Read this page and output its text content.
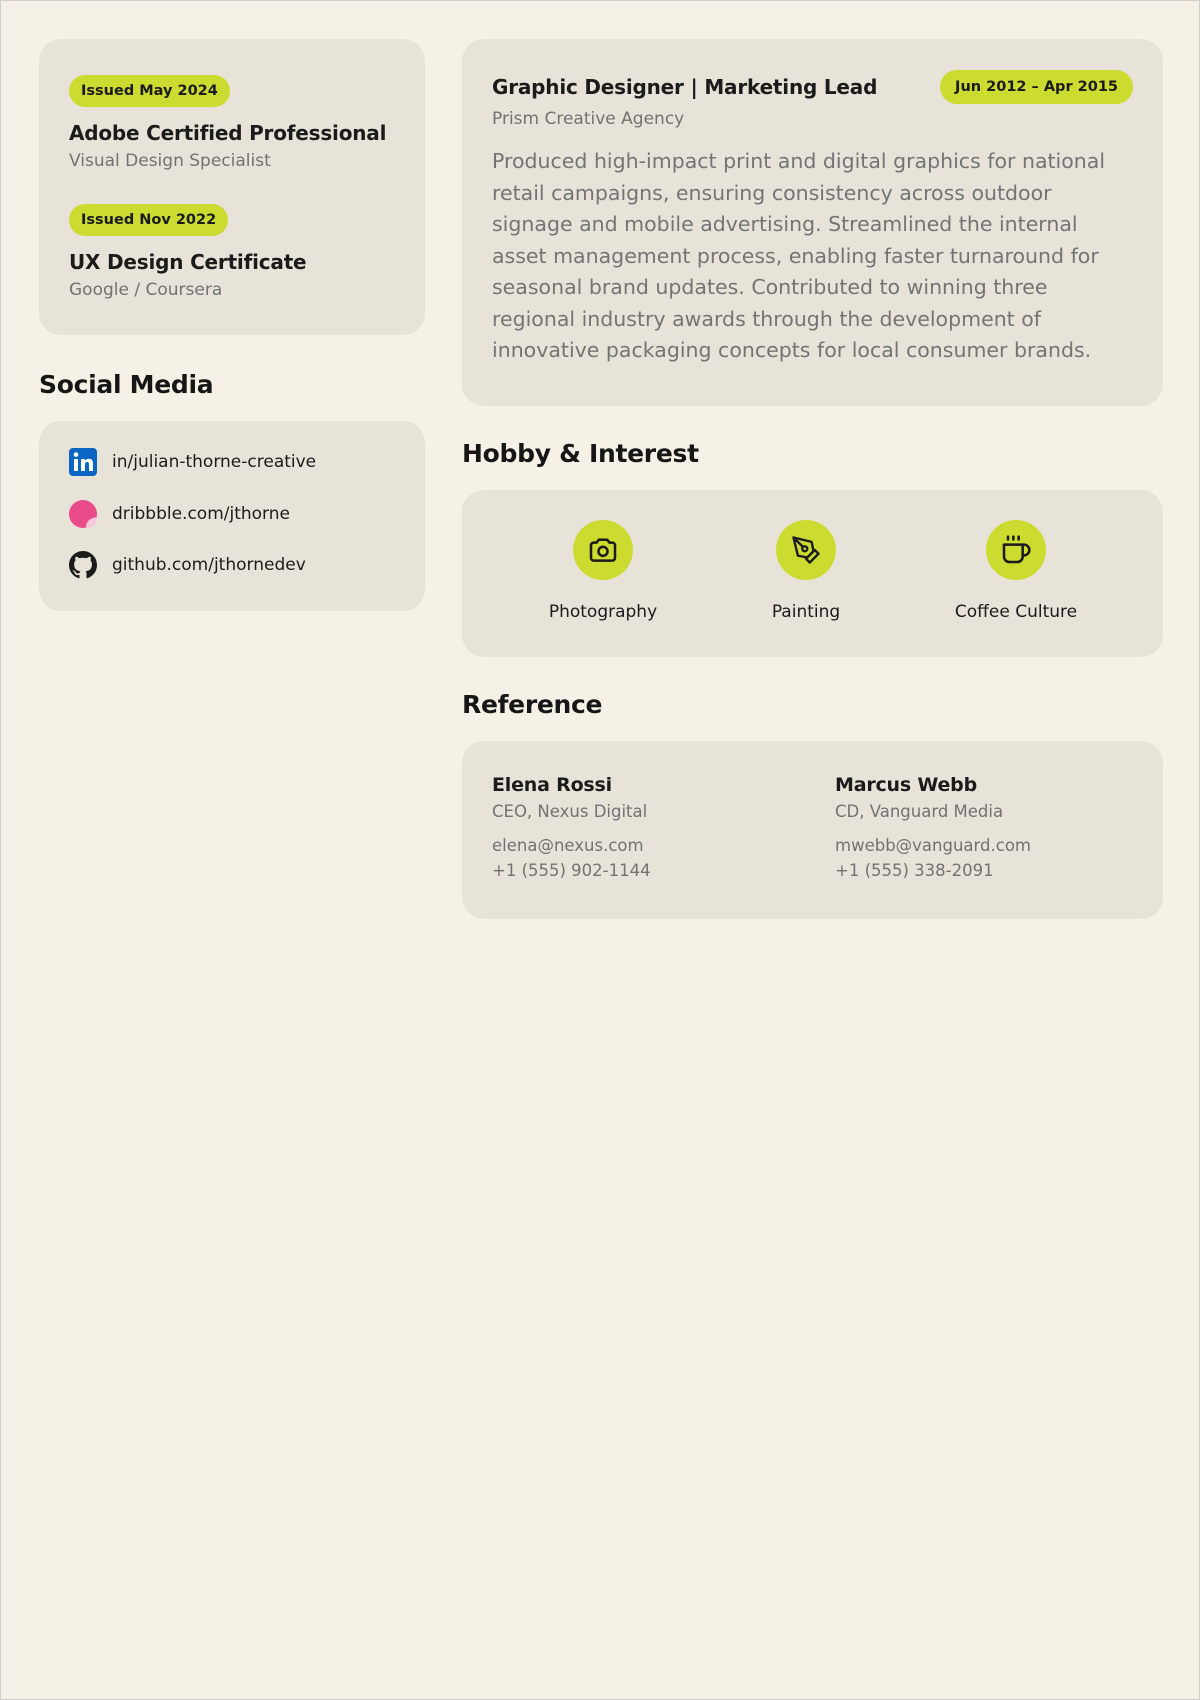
Issued May 2024
Adobe Certified Professional
Visual Design Specialist
Issued Nov 2022
UX Design Certificate
Google / Coursera
Social Media
in/julian-thorne-creative
dribbble.com/jthorne
github.com/jthornedev
Graphic Designer | Marketing Lead	Jun 2012 – Apr 2015
Prism Creative Agency
Produced high-impact print and digital graphics for national retail campaigns, ensuring consistency across outdoor signage and mobile advertising. Streamlined the internal asset management process, enabling faster turnaround for seasonal brand updates. Contributed to winning three regional industry awards through the development of innovative packaging concepts for local consumer brands.
Hobby & Interest
Photography	Painting	Coffee Culture
Reference
Elena Rossi
CEO, Nexus Digital
elena@nexus.com
+1 (555) 902-1144
Marcus Webb
CD, Vanguard Media
mwebb@vanguard.com
+1 (555) 338-2091
